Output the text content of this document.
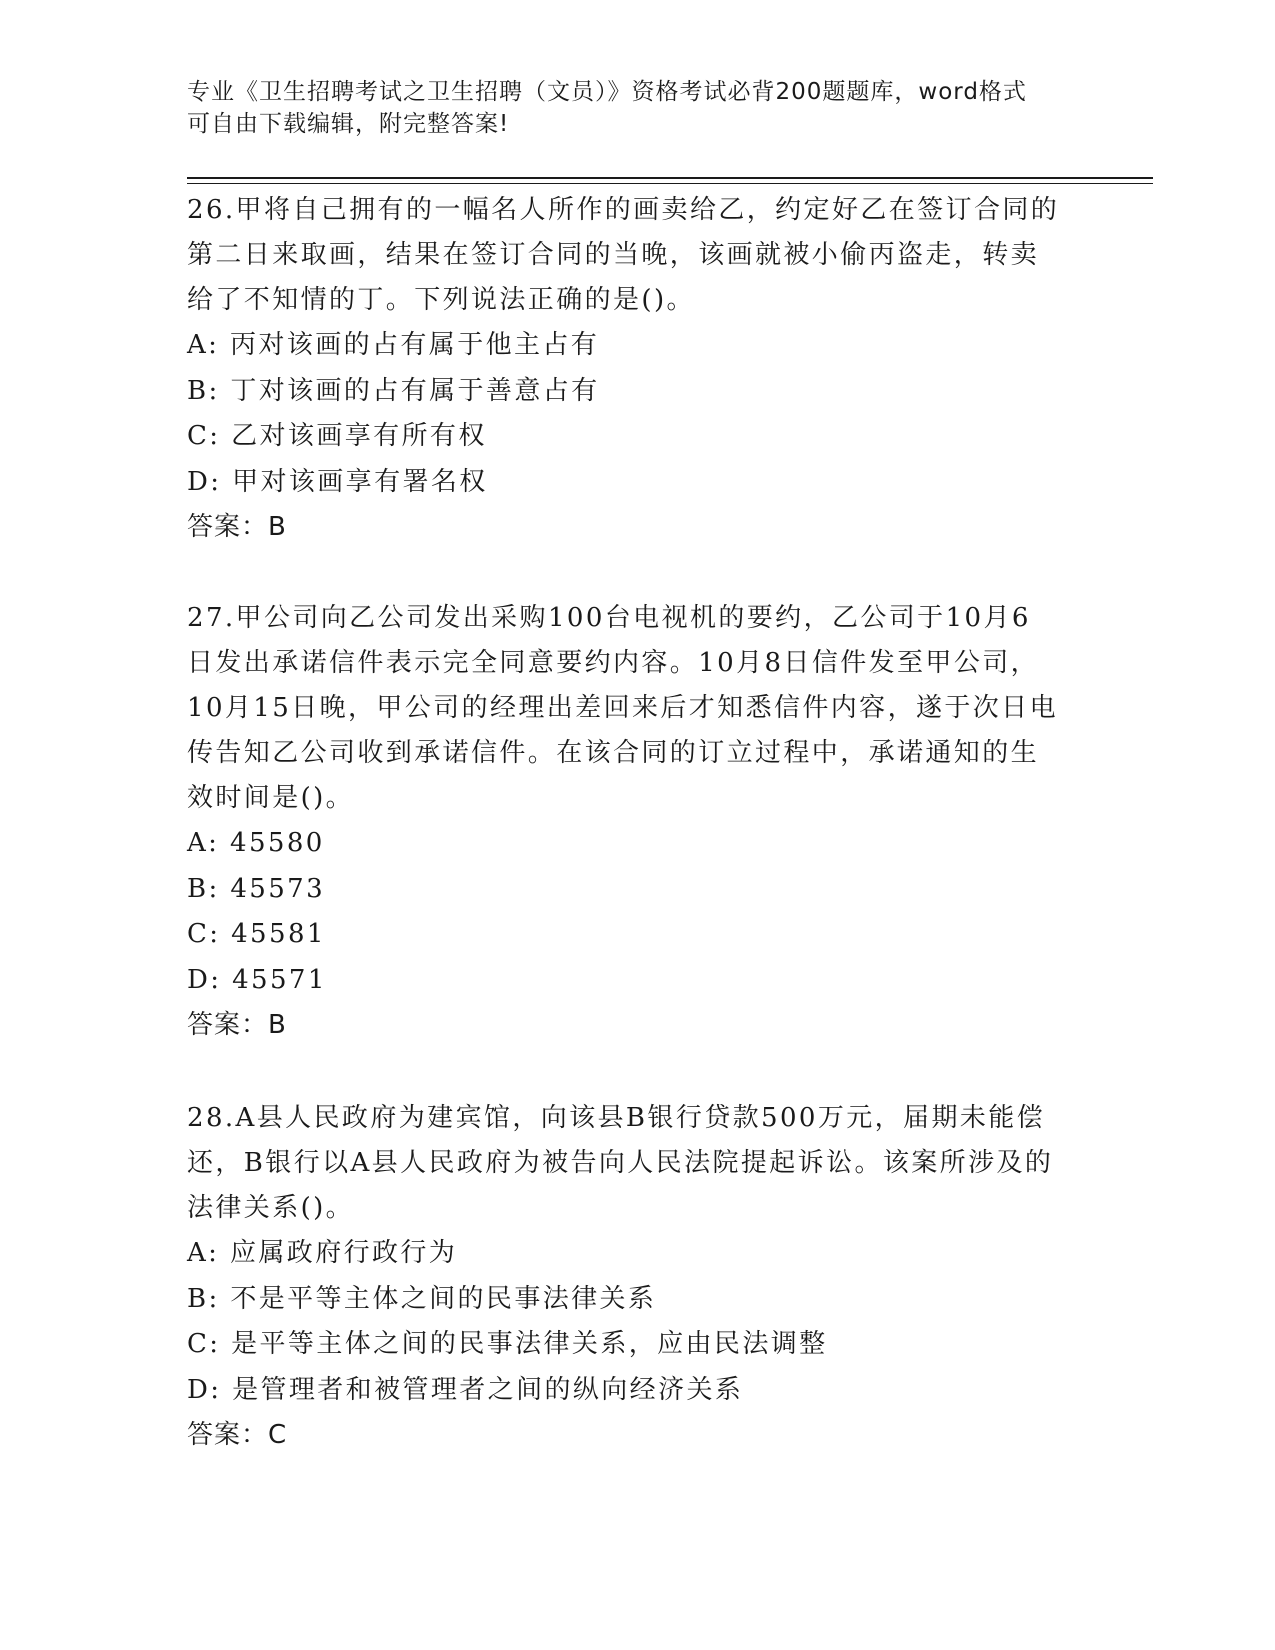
专业《卫生招聘考试之卫生招聘（文员）》资格考试必背200题题库，word格式
可自由下载编辑，附完整答案!

26.甲将自己拥有的一幅名人所作的画卖给乙，约定好乙在签订合同的

第二日来取画，结果在签订合同的当晚，该画就被小偷丙盗走，转卖

给了不知情的丁。下列说法正确的是()。

A: 丙对该画的占有属于他主占有

B: 丁对该画的占有属于善意占有

C: 乙对该画享有所有权

D: 甲对该画享有署名权

答案：B

27.甲公司向乙公司发出采购100台电视机的要约，乙公司于10月6

日发出承诺信件表示完全同意要约内容。10月8日信件发至甲公司，

10月15日晚，甲公司的经理出差回来后才知悉信件内容，遂于次日电

传告知乙公司收到承诺信件。在该合同的订立过程中，承诺通知的生

效时间是()。

A: 45580

B: 45573

C: 45581

D: 45571

答案：B

28.A县人民政府为建宾馆，向该县B银行贷款500万元，届期未能偿

还，B银行以A县人民政府为被告向人民法院提起诉讼。该案所涉及的

法律关系()。

A: 应属政府行政行为

B: 不是平等主体之间的民事法律关系

C: 是平等主体之间的民事法律关系，应由民法调整

D: 是管理者和被管理者之间的纵向经济关系

答案：C
